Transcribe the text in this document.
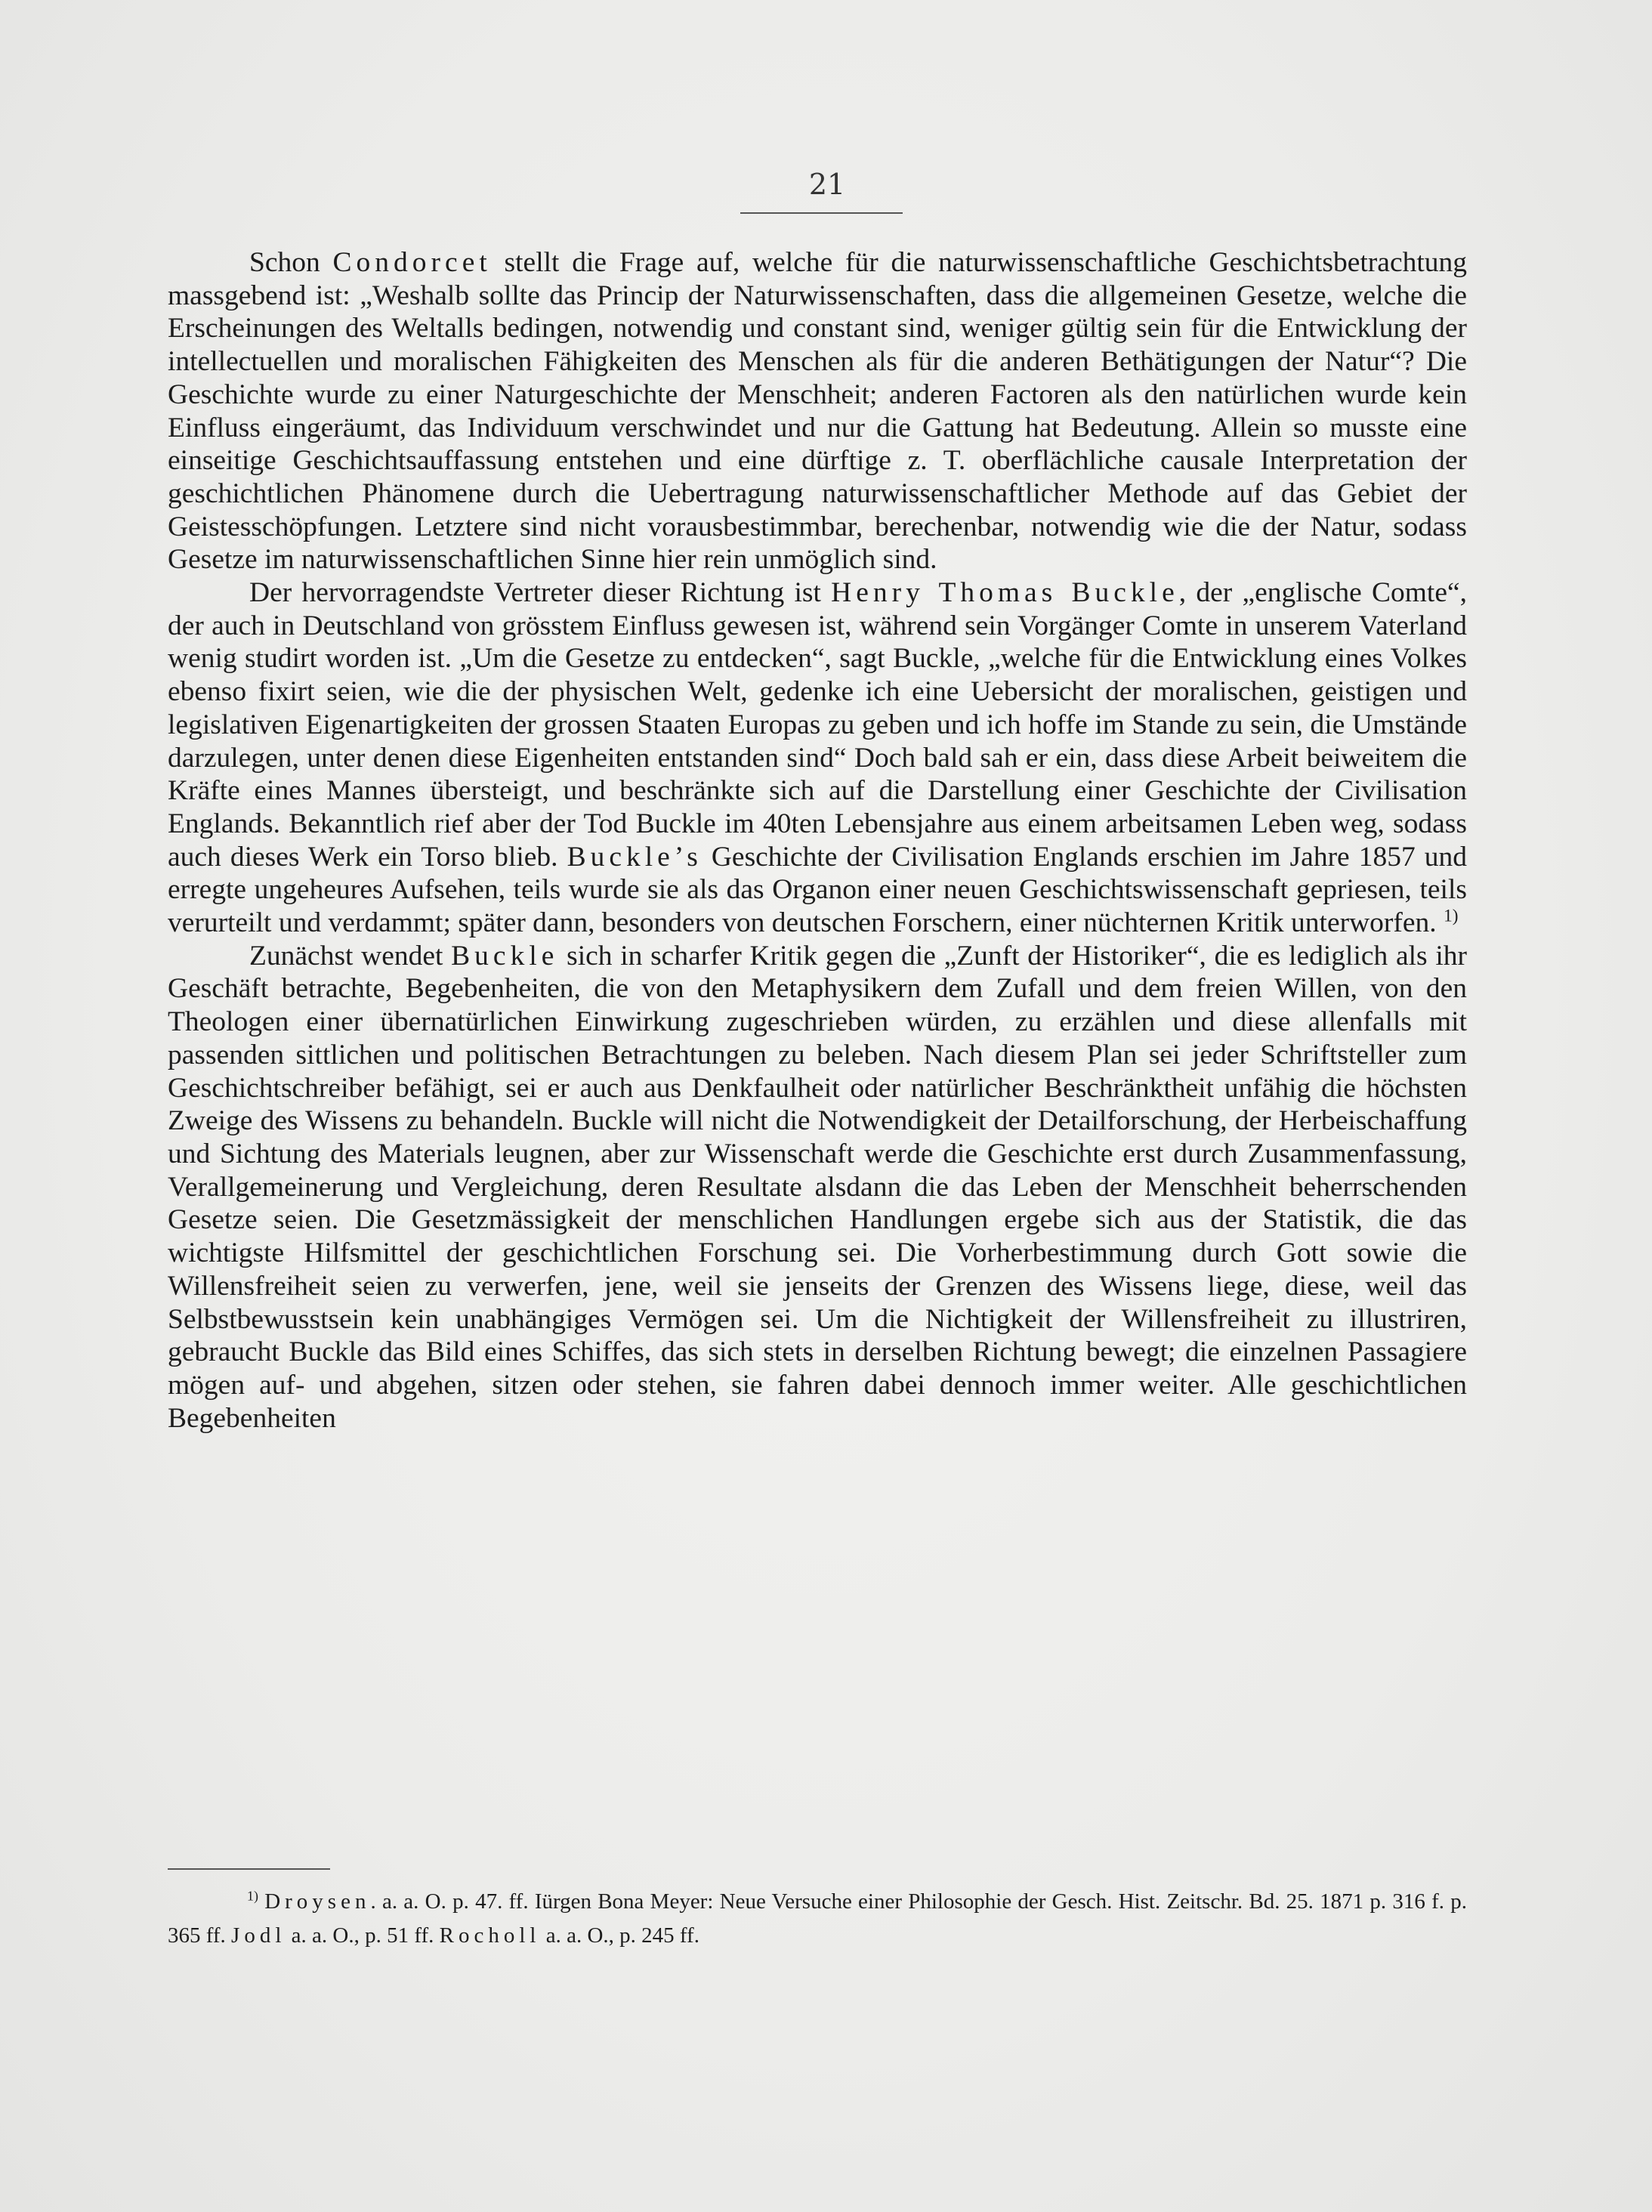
21

Schon Condorcet stellt die Frage auf, welche für die naturwissenschaftliche Geschichtsbetrachtung massgebend ist: „Weshalb sollte das Princip der Naturwissenschaften, dass die allgemeinen Gesetze, welche die Erscheinungen des Weltalls bedingen, notwendig und constant sind, weniger gültig sein für die Entwicklung der intellectuellen und moralischen Fähigkeiten des Menschen als für die anderen Bethätigungen der Natur“? Die Geschichte wurde zu einer Naturgeschichte der Menschheit; anderen Factoren als den natürlichen wurde kein Einfluss eingeräumt, das Individuum verschwindet und nur die Gattung hat Bedeutung. Allein so musste eine einseitige Geschichtsauffassung entstehen und eine dürftige z. T. oberflächliche causale Interpretation der geschichtlichen Phänomene durch die Uebertragung naturwissenschaftlicher Methode auf das Gebiet der Geistesschöpfungen. Letztere sind nicht vorausbestimmbar, berechenbar, notwendig wie die der Natur, sodass Gesetze im naturwissenschaftlichen Sinne hier rein unmöglich sind.

Der hervorragendste Vertreter dieser Richtung ist Henry Thomas Buckle, der „englische Comte“, der auch in Deutschland von grösstem Einfluss gewesen ist, während sein Vorgänger Comte in unserem Vaterland wenig studirt worden ist. „Um die Gesetze zu entdecken“, sagt Buckle, „welche für die Entwicklung eines Volkes ebenso fixirt seien, wie die der physischen Welt, gedenke ich eine Uebersicht der moralischen, geistigen und legislativen Eigenartigkeiten der grossen Staaten Europas zu geben und ich hoffe im Stande zu sein, die Umstände darzulegen, unter denen diese Eigenheiten entstanden sind“ Doch bald sah er ein, dass diese Arbeit beiweitem die Kräfte eines Mannes übersteigt, und beschränkte sich auf die Darstellung einer Geschichte der Civilisation Englands. Bekanntlich rief aber der Tod Buckle im 40ten Lebensjahre aus einem arbeitsamen Leben weg, sodass auch dieses Werk ein Torso blieb. Buckle’s Geschichte der Civilisation Englands erschien im Jahre 1857 und erregte ungeheures Aufsehen, teils wurde sie als das Organon einer neuen Geschichtswissenschaft gepriesen, teils verurteilt und verdammt; später dann, besonders von deutschen Forschern, einer nüchternen Kritik unterworfen. $^{1)}$

Zunächst wendet Buckle sich in scharfer Kritik gegen die „Zunft der Historiker“, die es lediglich als ihr Geschäft betrachte, Begebenheiten, die von den Metaphysikern dem Zufall und dem freien Willen, von den Theologen einer übernatürlichen Einwirkung zugeschrieben würden, zu erzählen und diese allenfalls mit passenden sittlichen und politischen Betrachtungen zu beleben. Nach diesem Plan sei jeder Schriftsteller zum Geschichtschreiber befähigt, sei er auch aus Denkfaulheit oder natürlicher Beschränktheit unfähig die höchsten Zweige des Wissens zu behandeln. Buckle will nicht die Notwendigkeit der Detailforschung, der Herbeischaffung und Sichtung des Materials leugnen, aber zur Wissenschaft werde die Geschichte erst durch Zusammenfassung, Verallgemeinerung und Vergleichung, deren Resultate alsdann die das Leben der Menschheit beherrschenden Gesetze seien. Die Gesetzmässigkeit der menschlichen Handlungen ergebe sich aus der Statistik, die das wichtigste Hilfsmittel der geschichtlichen Forschung sei. Die Vorherbestimmung durch Gott sowie die Willensfreiheit seien zu verwerfen, jene, weil sie jenseits der Grenzen des Wissens liege, diese, weil das Selbstbewusstsein kein unabhängiges Vermögen sei. Um die Nichtigkeit der Willensfreiheit zu illustriren, gebraucht Buckle das Bild eines Schiffes, das sich stets in derselben Richtung bewegt; die einzelnen Passagiere mögen auf- und abgehen, sitzen oder stehen, sie fahren dabei dennoch immer weiter. Alle geschichtlichen Begebenheiten

$^{1)}$ Droysen. a. a. O. p. 47. ff. Iürgen Bona Meyer: Neue Versuche einer Philosophie der Gesch. Hist. Zeitschr. Bd. 25. 1871 p. 316 f. p. 365 ff. Jodl a. a. O., p. 51 ff. Rocholl a. a. O., p. 245 ff.
